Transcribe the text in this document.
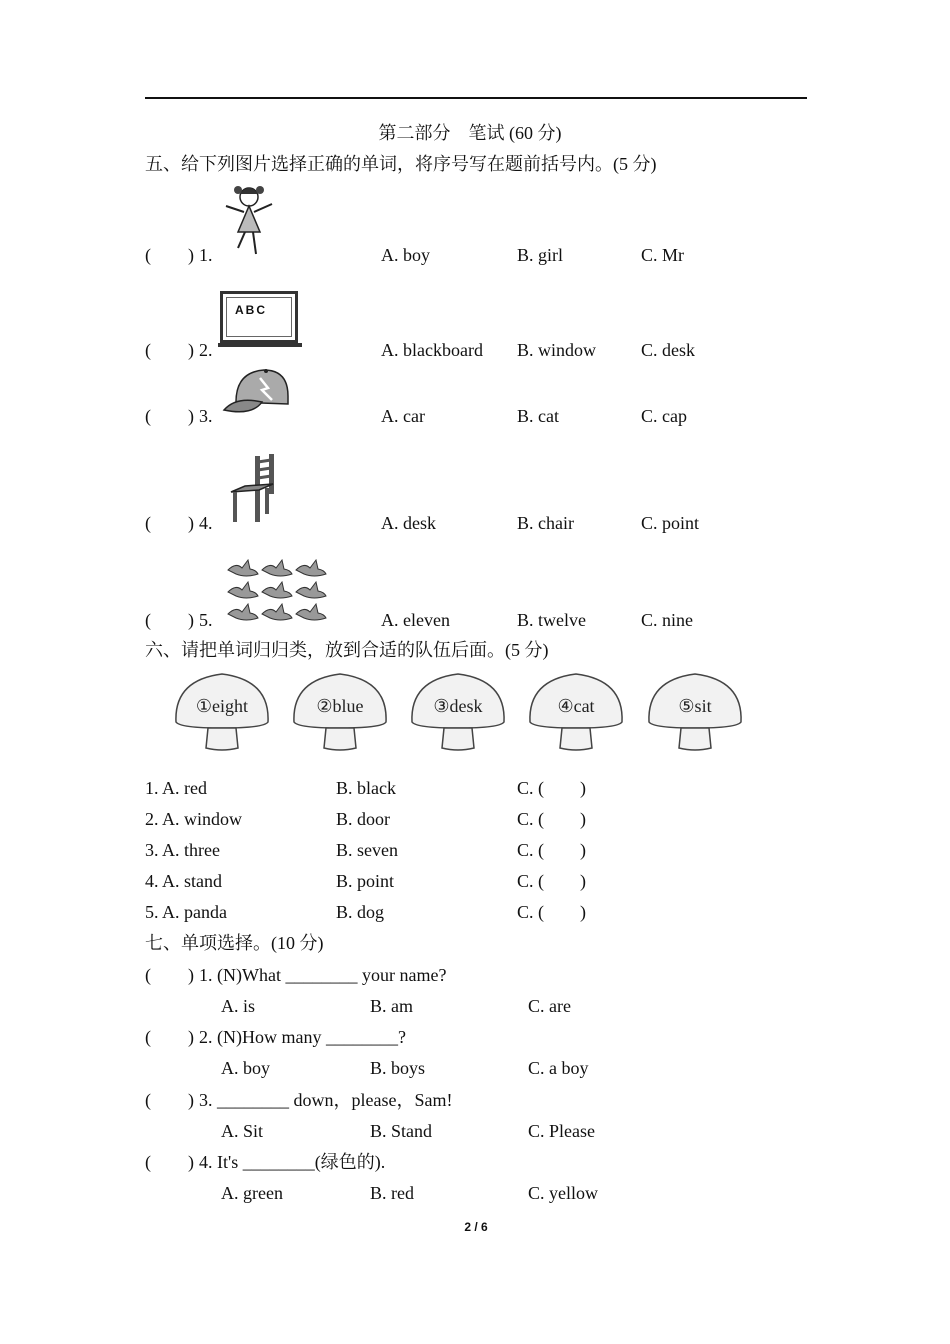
第二部分　笔试 (60 分)
五、给下列图片选择正确的单词，将序号写在题前括号内。(5 分)
( ) 1.	A. boy	B. girl	C. Mr
( ) 2.
ABC
A. blackboard B. window C. desk
( ) 3.	A. car	B. cat	C. cap
( ) 4.	A. desk	B. chair	C. point
( ) 5.	A. eleven	B. twelve	C. nine
六、请把单词归归类，放到合适的队伍后面。(5 分)
①eight	②blue	③desk	④cat	⑤sit
1. A. red	B. black	C. (　　)
2. A. window	B. door	C. (　　)
3. A. three	B. seven	C. (　　)
4. A. stand	B. point	C. (　　)
5. A. panda	B. dog	C. (　　)
七、单项选择。(10 分)
( ) 1. (N)What ________ your name?
A. is	B. am	C. are
( ) 2. (N)How many ________?
A. boy	B. boys	C. a boy
( ) 3. ________ down，please，Sam!
A. Sit	B. Stand	C. Please
( ) 4. It's ________(绿色的).
A. green	B. red	C. yellow
2 / 6
